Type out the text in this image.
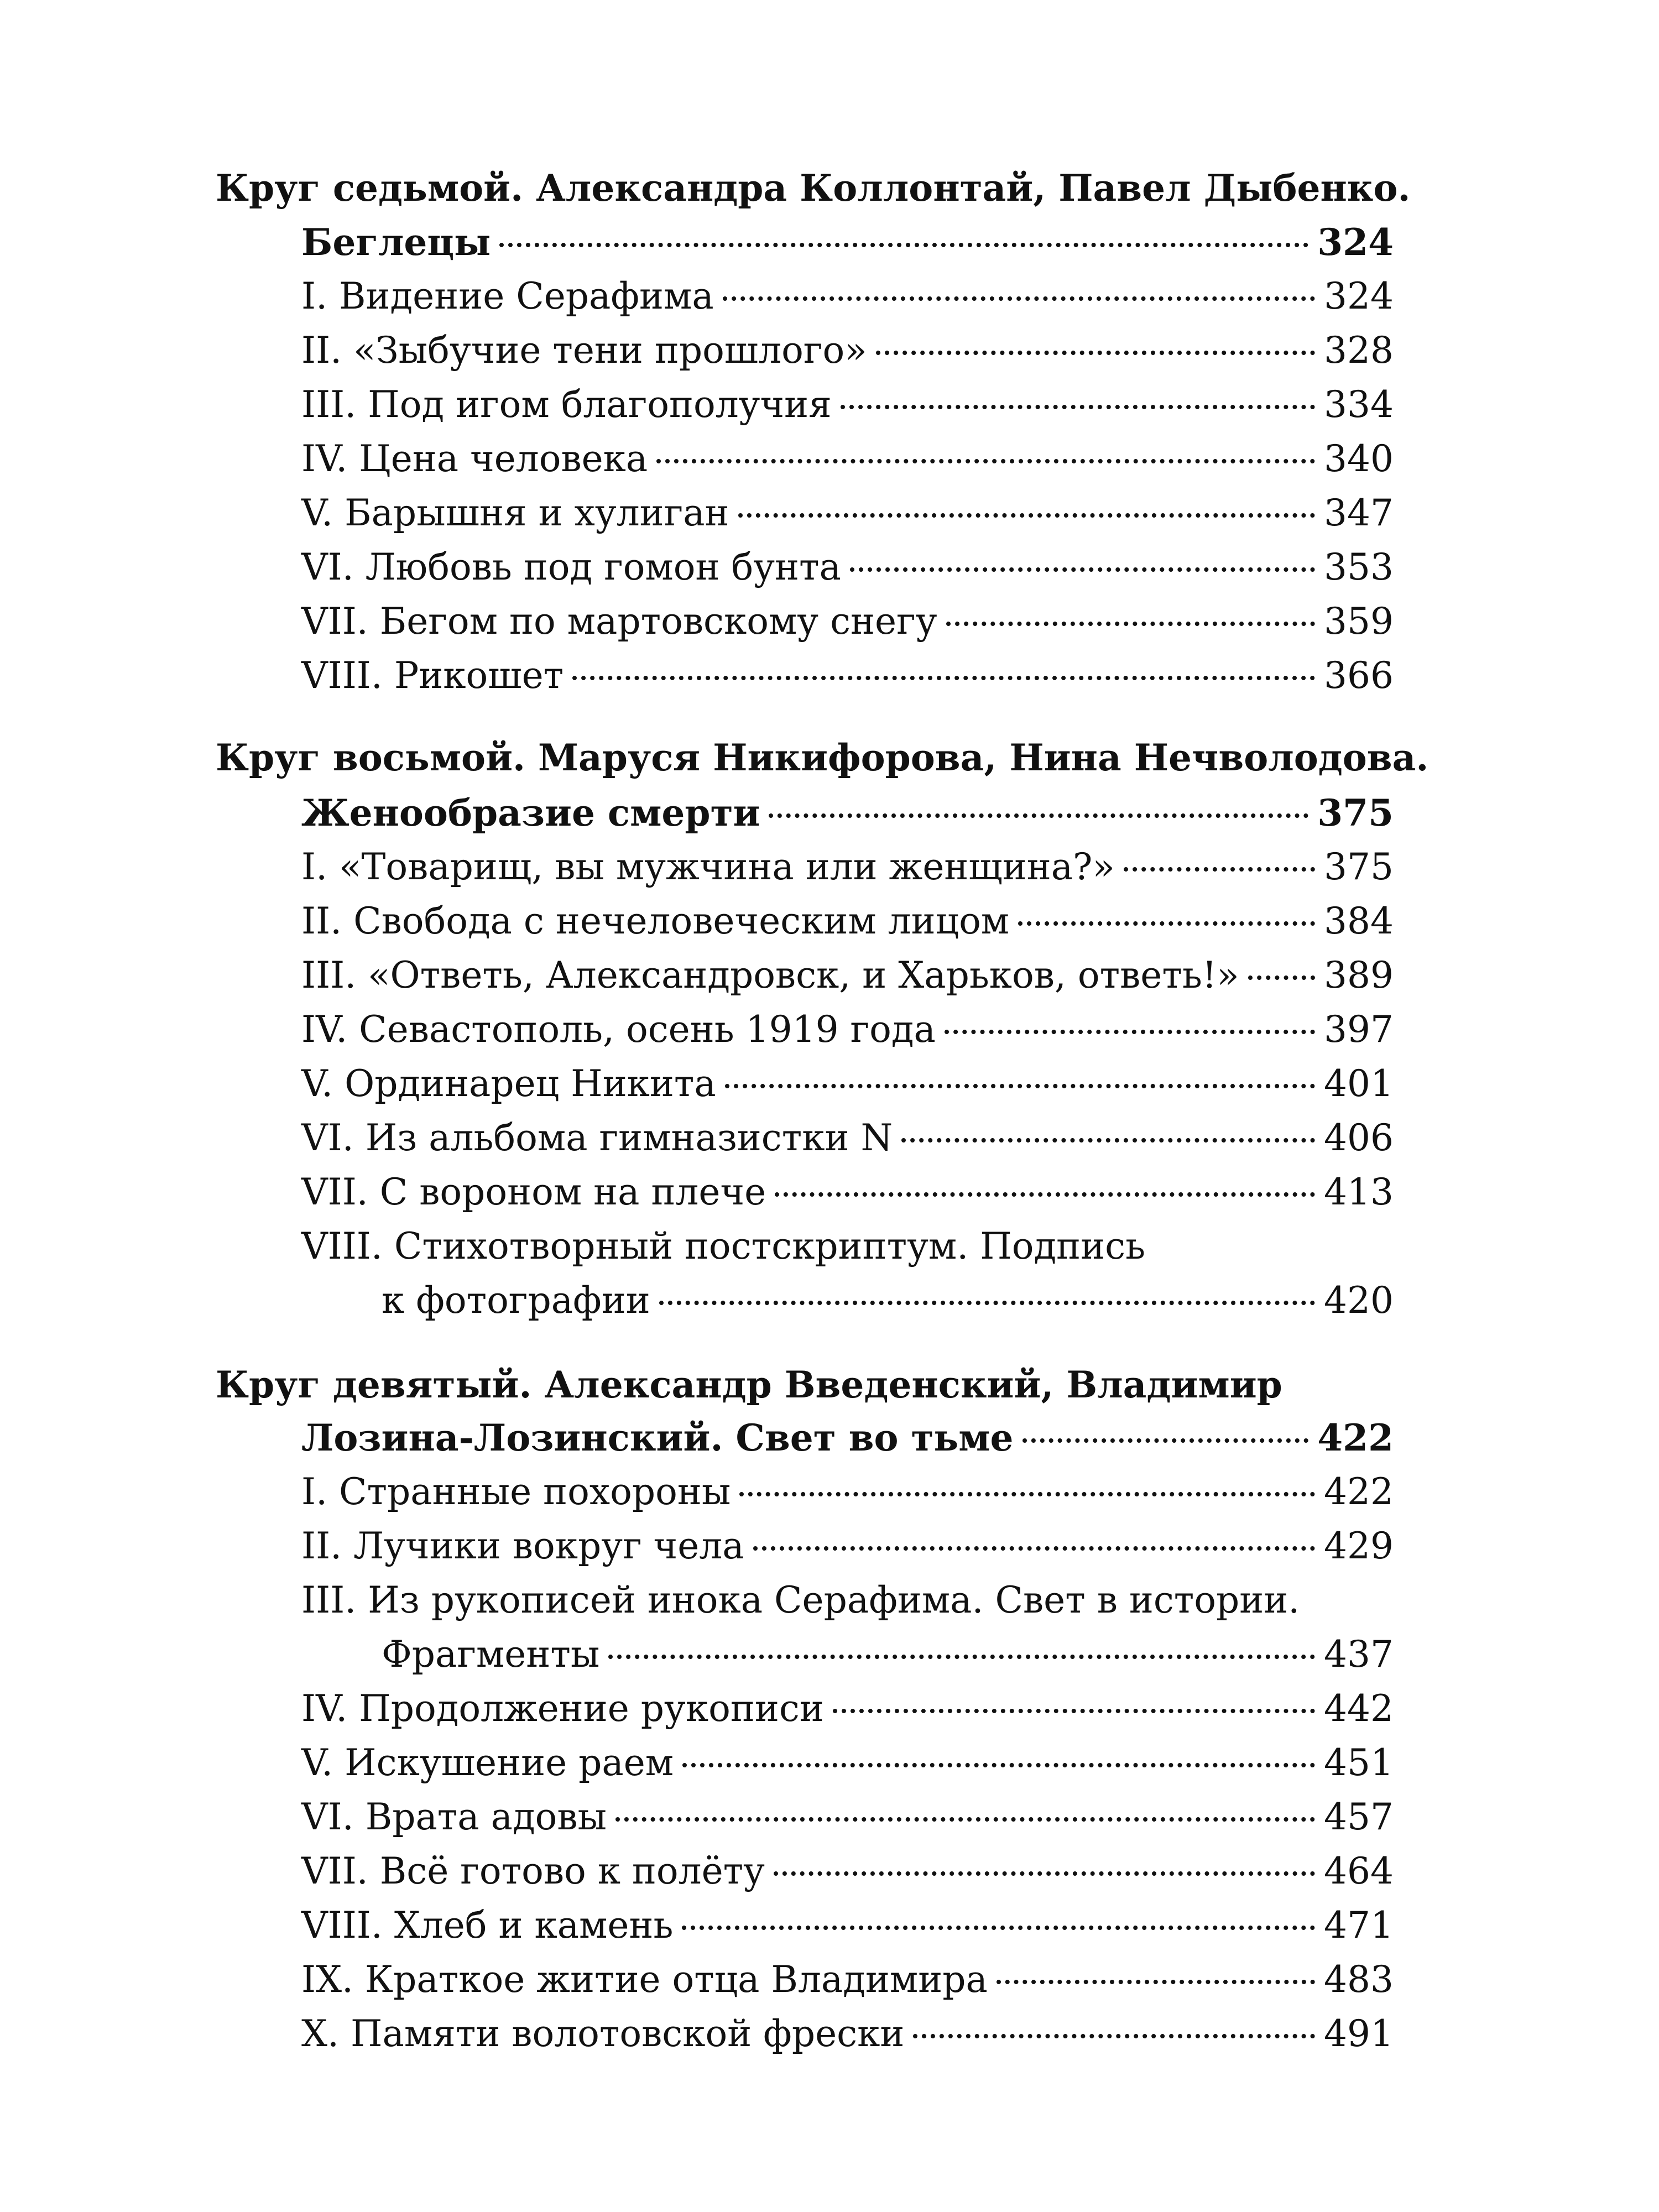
Круг седьмой. Александра Коллонтай, Павел Дыбенко.
Беглецы	324
I. Видение Серафима	324
II. «Зыбучие тени прошлого»	328
III. Под игом благополучия	334
IV. Цена человека	340
V. Барышня и хулиган	347
VI. Любовь под гомон бунта	353
VII. Бегом по мартовскому снегу	359
VIII. Рикошет	366
Круг восьмой. Маруся Никифорова, Нина Нечволодова.
Женообразие смерти	375
I. «Товарищ, вы мужчина или женщина?»	375
II. Свобода с нечеловеческим лицом	384
III. «Ответь, Александровск, и Харьков, ответь!» 389
IV. Севастополь, осень 1919 года	397
V. Ординарец Никита	401
VI. Из альбома гимназистки N	406
VII. С вороном на плече	413
VIII. Стихотворный постскриптум. Подпись
к фотографии	420
Круг девятый. Александр Введенский, Владимир
Лозина-Лозинский. Свет во тьме	422
I. Странные похороны	422
II. Лучики вокруг чела	429
III. Из рукописей инока Серафима. Свет в истории.
Фрагменты	437
IV. Продолжение рукописи	442
V. Искушение раем	451
VI. Врата адовы	457
VII. Всё готово к полёту	464
VIII. Хлеб и камень	471
IX. Краткое житие отца Владимира	483
X. Памяти волотовской фрески	491
